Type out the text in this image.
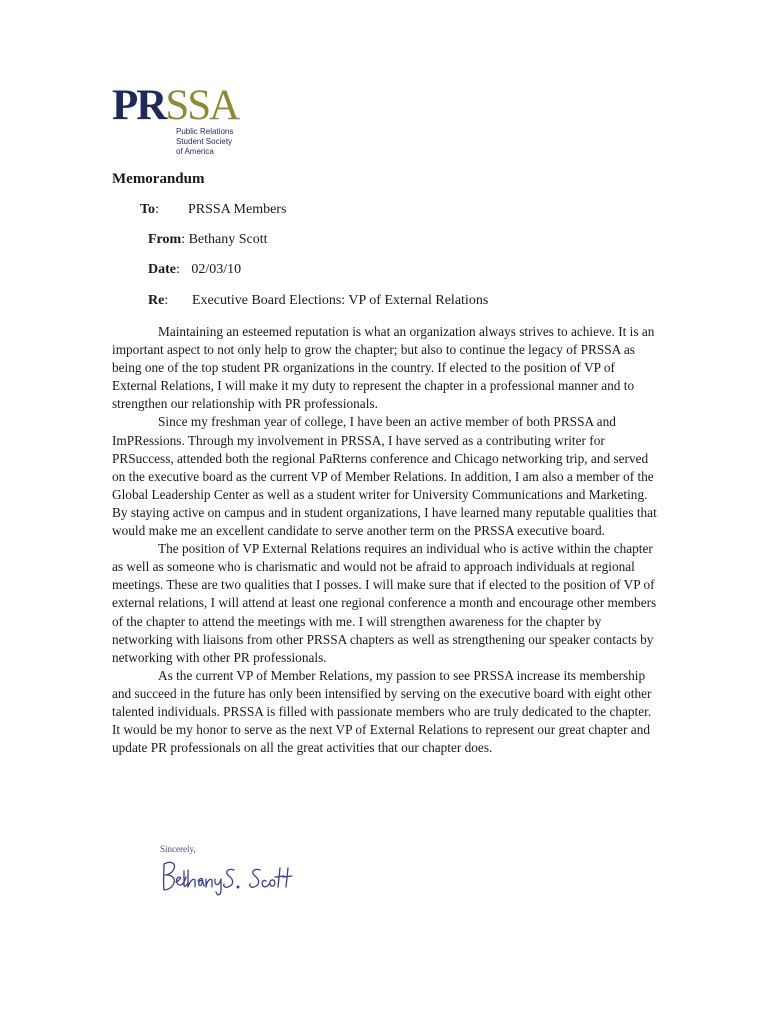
PRSSA
Public Relations
Student Society
of America
Memorandum
To: PRSSA Members
From: Bethany Scott
Date: 02/03/10
Re: Executive Board Elections: VP of External Relations

Maintaining an esteemed reputation is what an organization always strives to achieve. It is an important aspect to not only help to grow the chapter; but also to continue the legacy of PRSSA as being one of the top student PR organizations in the country. If elected to the position of VP of External Relations, I will make it my duty to represent the chapter in a professional manner and to strengthen our relationship with PR professionals.

Since my freshman year of college, I have been an active member of both PRSSA and ImPRessions. Through my involvement in PRSSA, I have served as a contributing writer for PRSuccess, attended both the regional PaRterns conference and Chicago networking trip, and served on the executive board as the current VP of Member Relations. In addition, I am also a member of the Global Leadership Center as well as a student writer for University Communications and Marketing. By staying active on campus and in student organizations, I have learned many reputable qualities that would make me an excellent candidate to serve another term on the PRSSA executive board.

The position of VP External Relations requires an individual who is active within the chapter as well as someone who is charismatic and would not be afraid to approach individuals at regional meetings. These are two qualities that I posses. I will make sure that if elected to the position of VP of external relations, I will attend at least one regional conference a month and encourage other members of the chapter to attend the meetings with me. I will strengthen awareness for the chapter by networking with liaisons from other PRSSA chapters as well as strengthening our speaker contacts by networking with other PR professionals.

As the current VP of Member Relations, my passion to see PRSSA increase its membership and succeed in the future has only been intensified by serving on the executive board with eight other talented individuals. PRSSA is filled with passionate members who are truly dedicated to the chapter. It would be my honor to serve as the next VP of External Relations to represent our great chapter and update PR professionals on all the great activities that our chapter does.

Sincerely,
